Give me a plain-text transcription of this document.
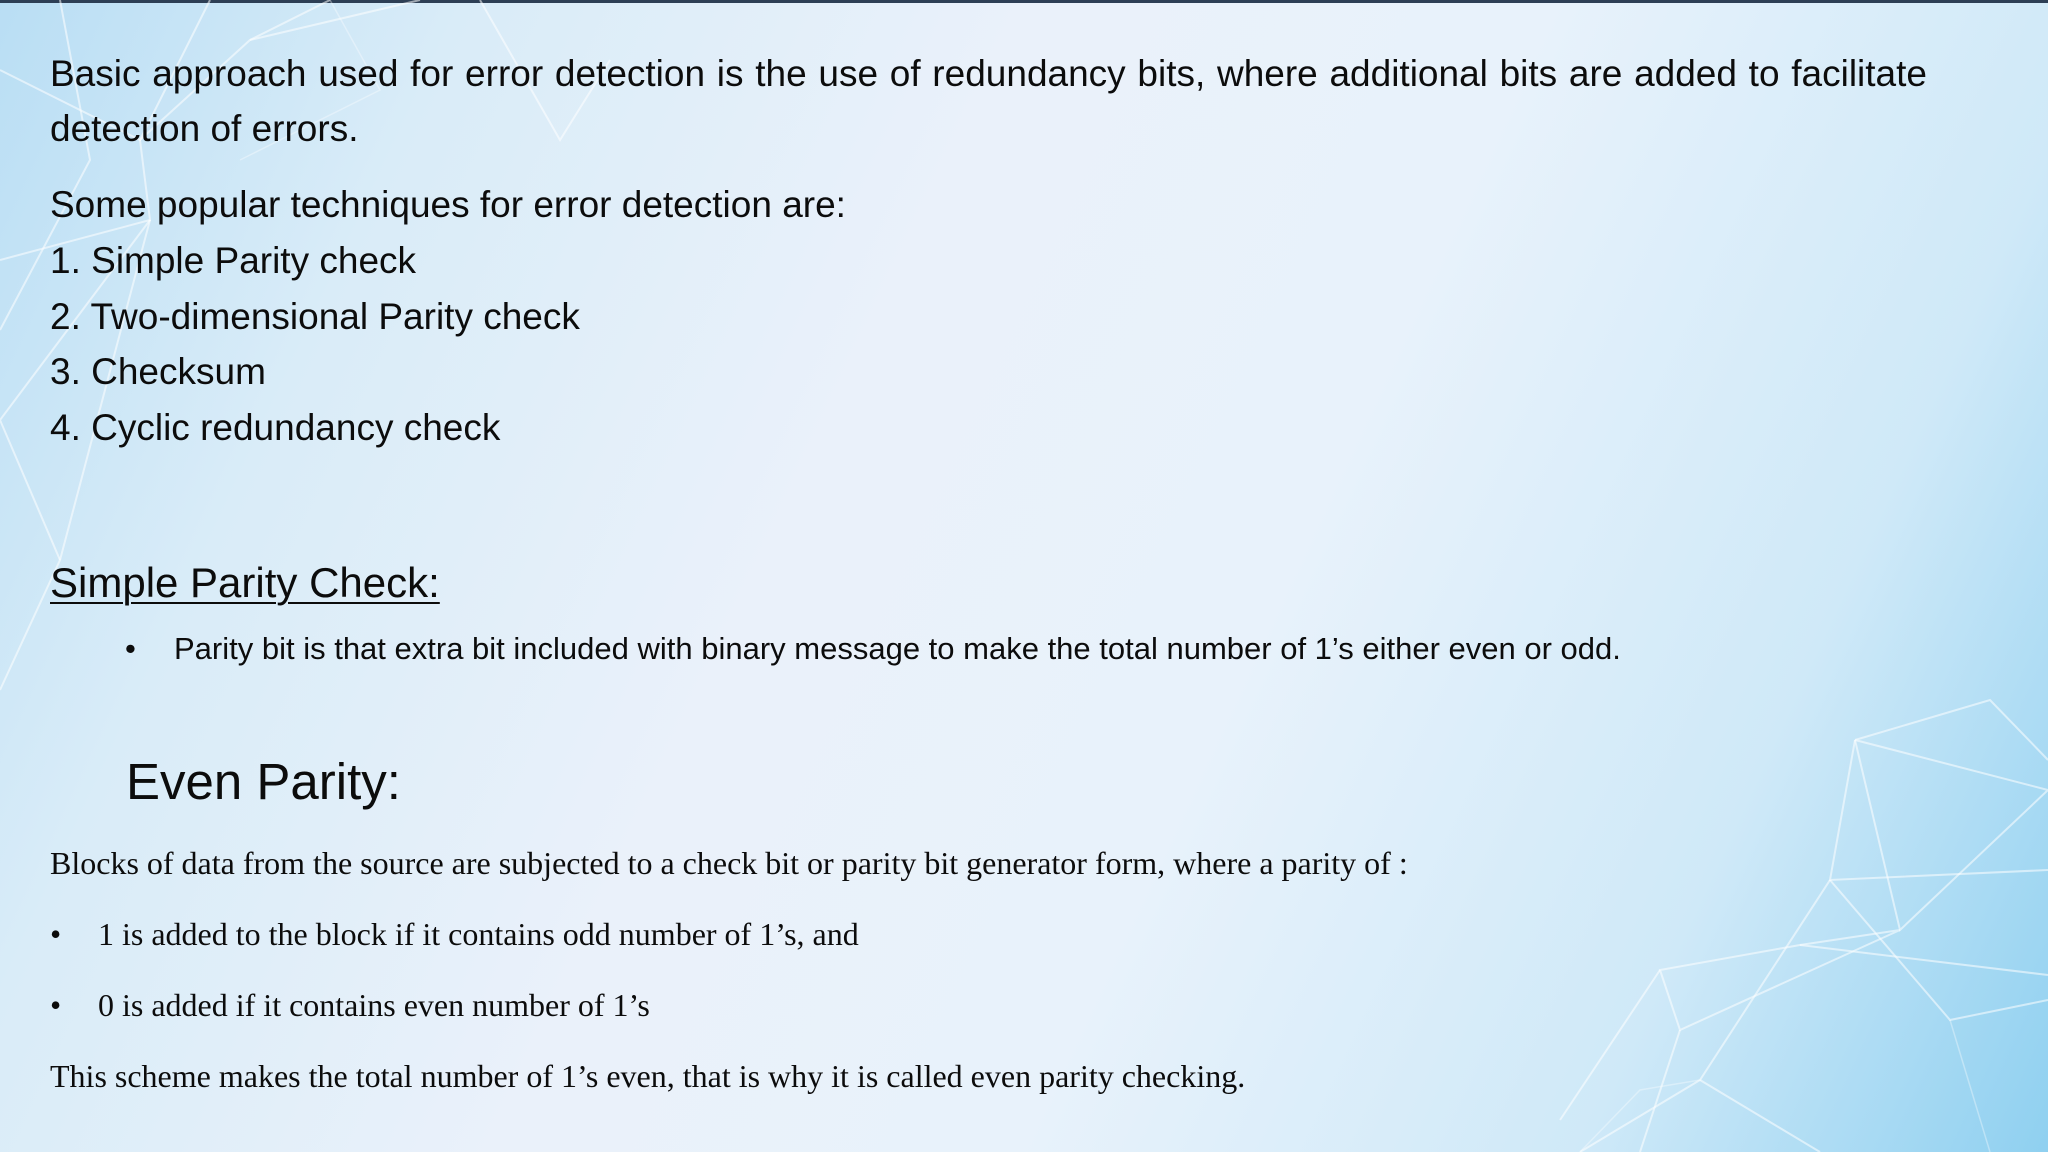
Basic approach used for error detection is the use of redundancy bits, where additional bits are added to facilitate detection of errors.

Some popular techniques for error detection are:

1. Simple Parity check
2. Two-dimensional Parity check
3. Checksum
4. Cyclic redundancy check
Simple Parity Check:

• Parity bit is that extra bit included with binary message to make the total number of 1’s either even or odd.

Even Parity:

Blocks of data from the source are subjected to a check bit or parity bit generator form, where a parity of :

• 1 is added to the block if it contains odd number of 1’s, and
• 0 is added if it contains even number of 1’s

This scheme makes the total number of 1’s even, that is why it is called even parity checking.
